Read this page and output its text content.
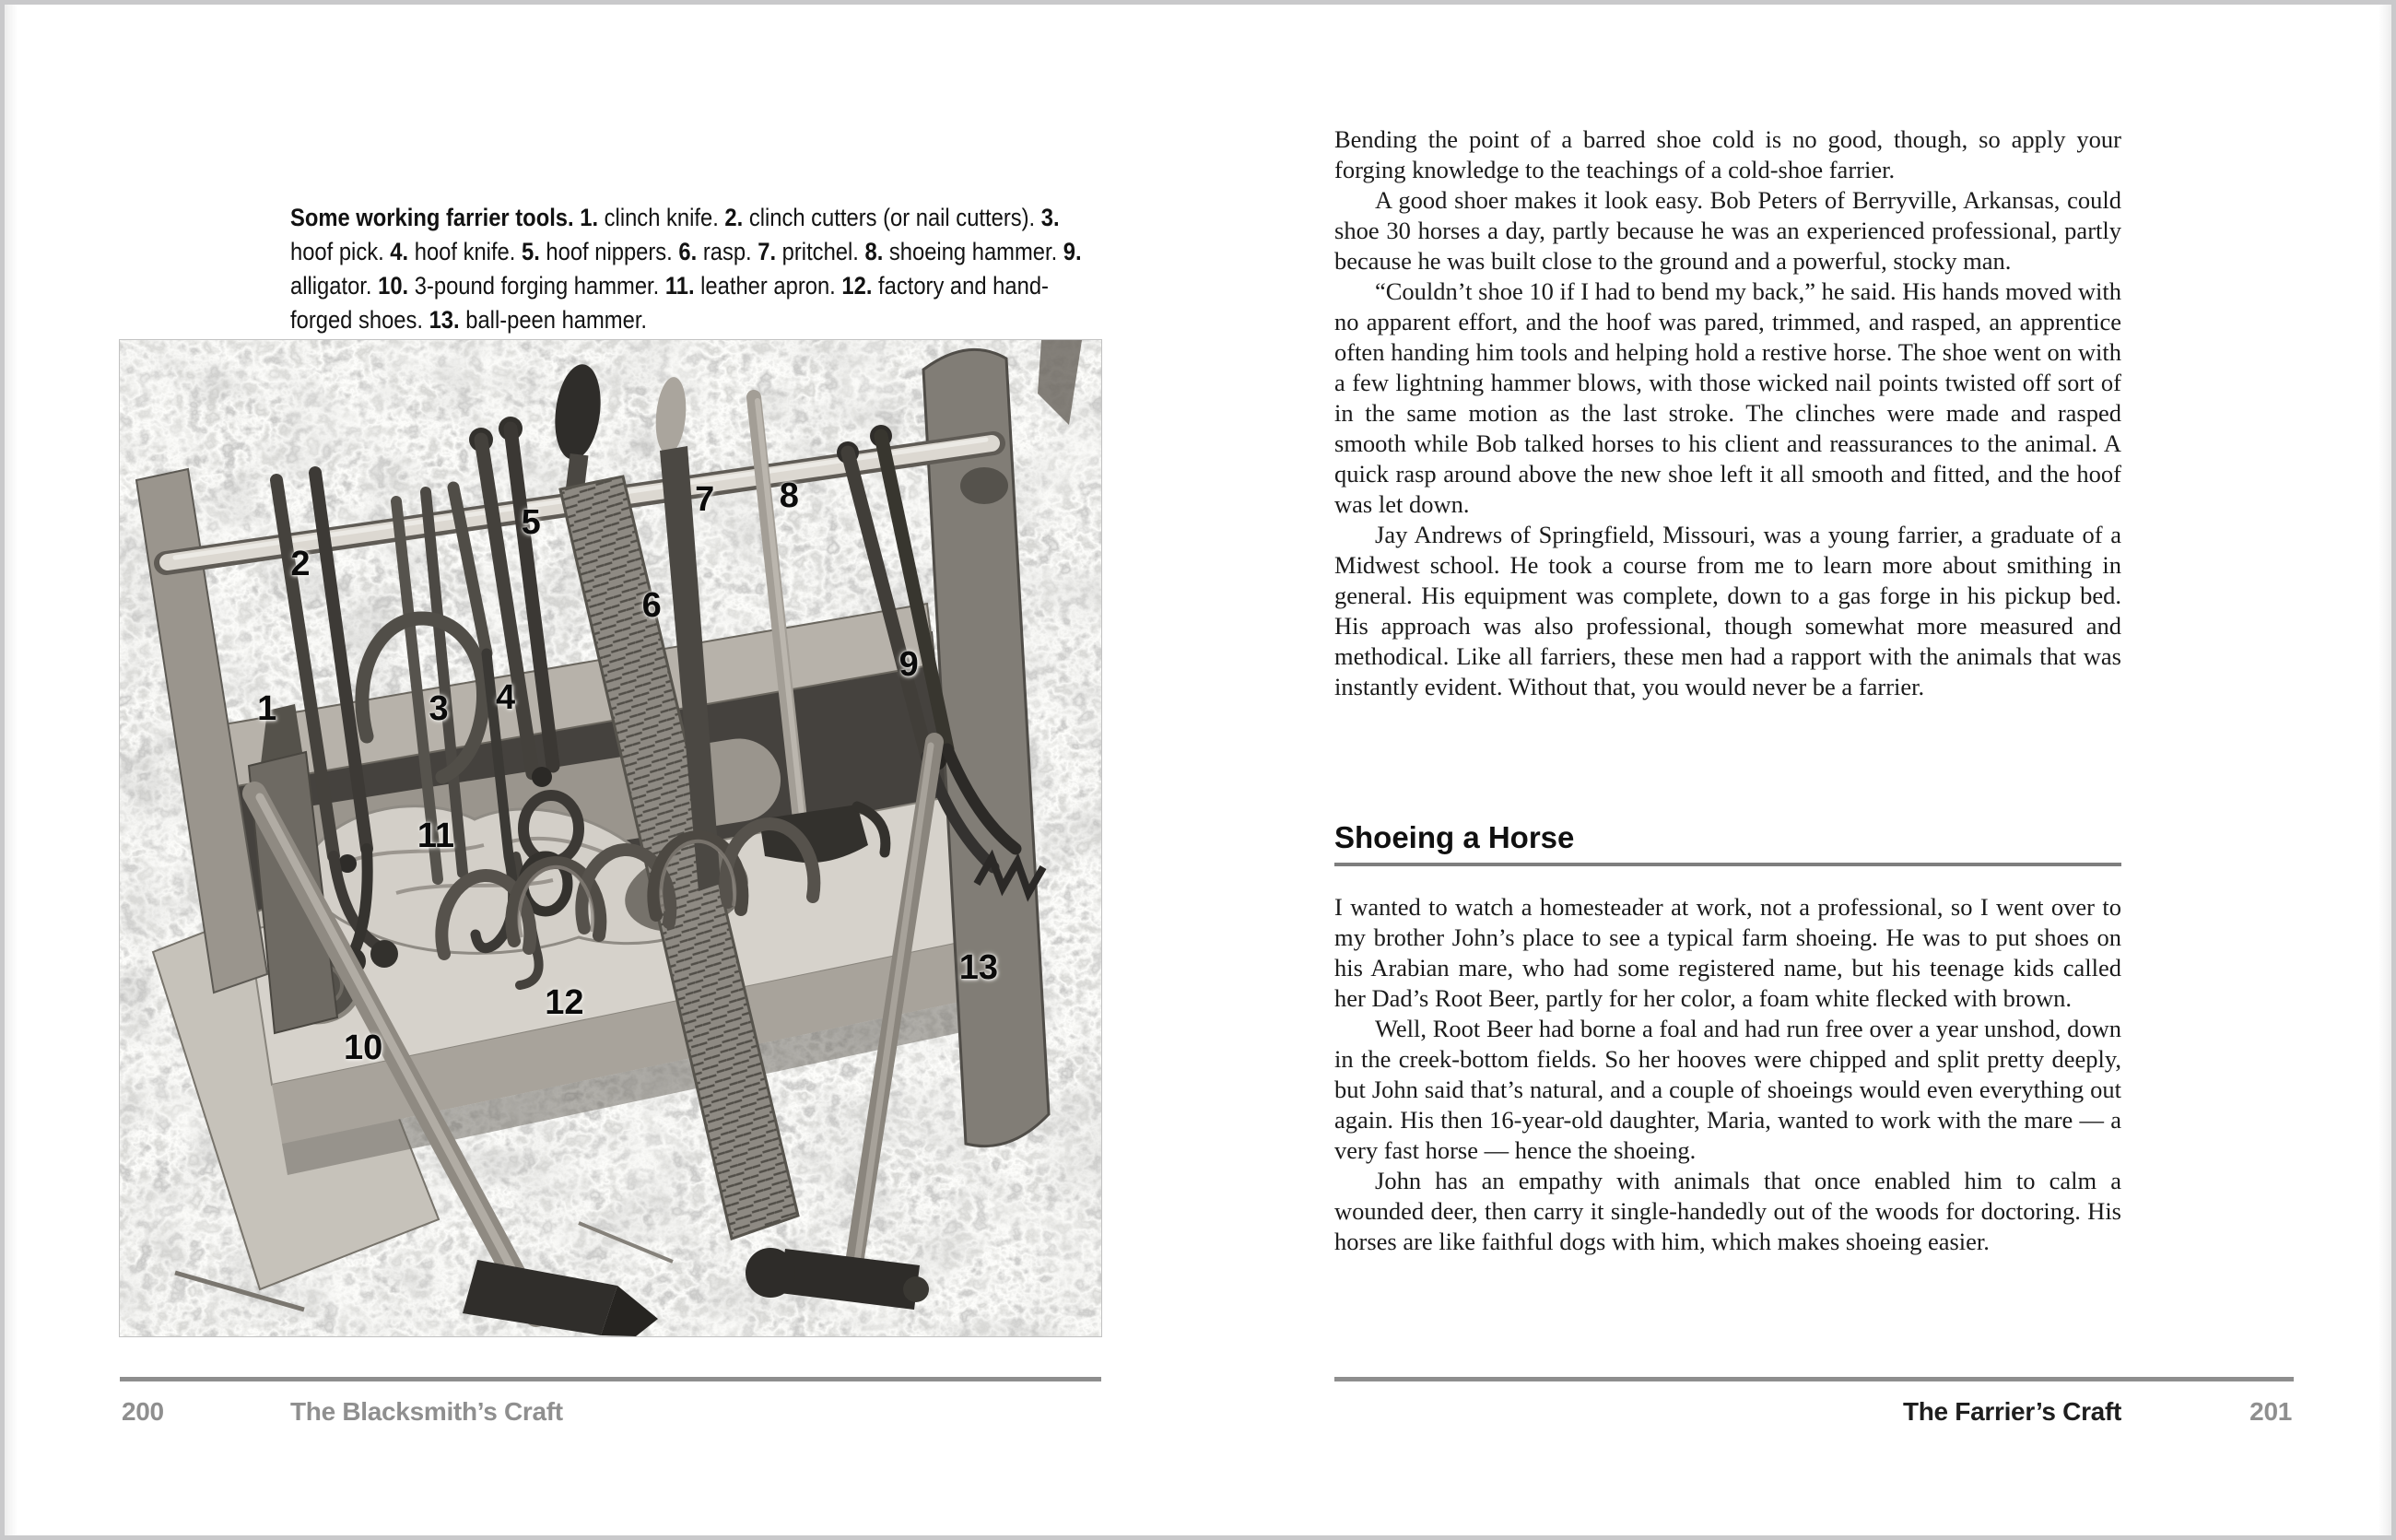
Some working farrier tools. 1. clinch knife. 2. clinch cutters (or nail cutters). 3. hoof pick. 4. hoof knife. 5. hoof nippers. 6. rasp. 7. pritchel. 8. shoeing hammer. 9. alligator. 10. 3-pound forging hammer. 11. leather apron. 12. factory and hand-forged shoes. 13. ball-peen hammer.
1
2
3 4
5
6
7 8
9
10
11
12
13
200	The Blacksmith’s Craft

Bending the point of a barred shoe cold is no good, though, so apply your forging knowledge to the teachings of a cold-shoe farrier.

A good shoer makes it look easy. Bob Peters of Berryville, Arkansas, could shoe 30 horses a day, partly because he was an experienced professional, partly because he was built close to the ground and a powerful, stocky man.

“Couldn’t shoe 10 if I had to bend my back,” he said. His hands moved with no apparent effort, and the hoof was pared, trimmed, and rasped, an apprentice often handing him tools and helping hold a restive horse. The shoe went on with a few lightning hammer blows, with those wicked nail points twisted off sort of in the same motion as the last stroke. The clinches were made and rasped smooth while Bob talked horses to his client and reassurances to the animal. A quick rasp around above the new shoe left it all smooth and fitted, and the hoof was let down.

Jay Andrews of Springfield, Missouri, was a young farrier, a graduate of a Midwest school. He took a course from me to learn more about smithing in general. His equipment was complete, down to a gas forge in his pickup bed. His approach was also professional, though somewhat more measured and methodical. Like all farriers, these men had a rapport with the animals that was instantly evident. Without that, you would never be a farrier.

Shoeing a Horse

I wanted to watch a homesteader at work, not a professional, so I went over to my brother John’s place to see a typical farm shoeing. He was to put shoes on his Arabian mare, who had some registered name, but his teenage kids called her Dad’s Root Beer, partly for her color, a foam white flecked with brown.

Well, Root Beer had borne a foal and had run free over a year unshod, down in the creek-bottom fields. So her hooves were chipped and split pretty deeply, but John said that’s natural, and a couple of shoeings would even everything out again. His then 16-year-old daughter, Maria, wanted to work with the mare — a very fast horse — hence the shoeing.

John has an empathy with animals that once enabled him to calm a wounded deer, then carry it single-handedly out of the woods for doctoring. His horses are like faithful dogs with him, which makes shoeing easier.

The Farrier’s Craft	201
